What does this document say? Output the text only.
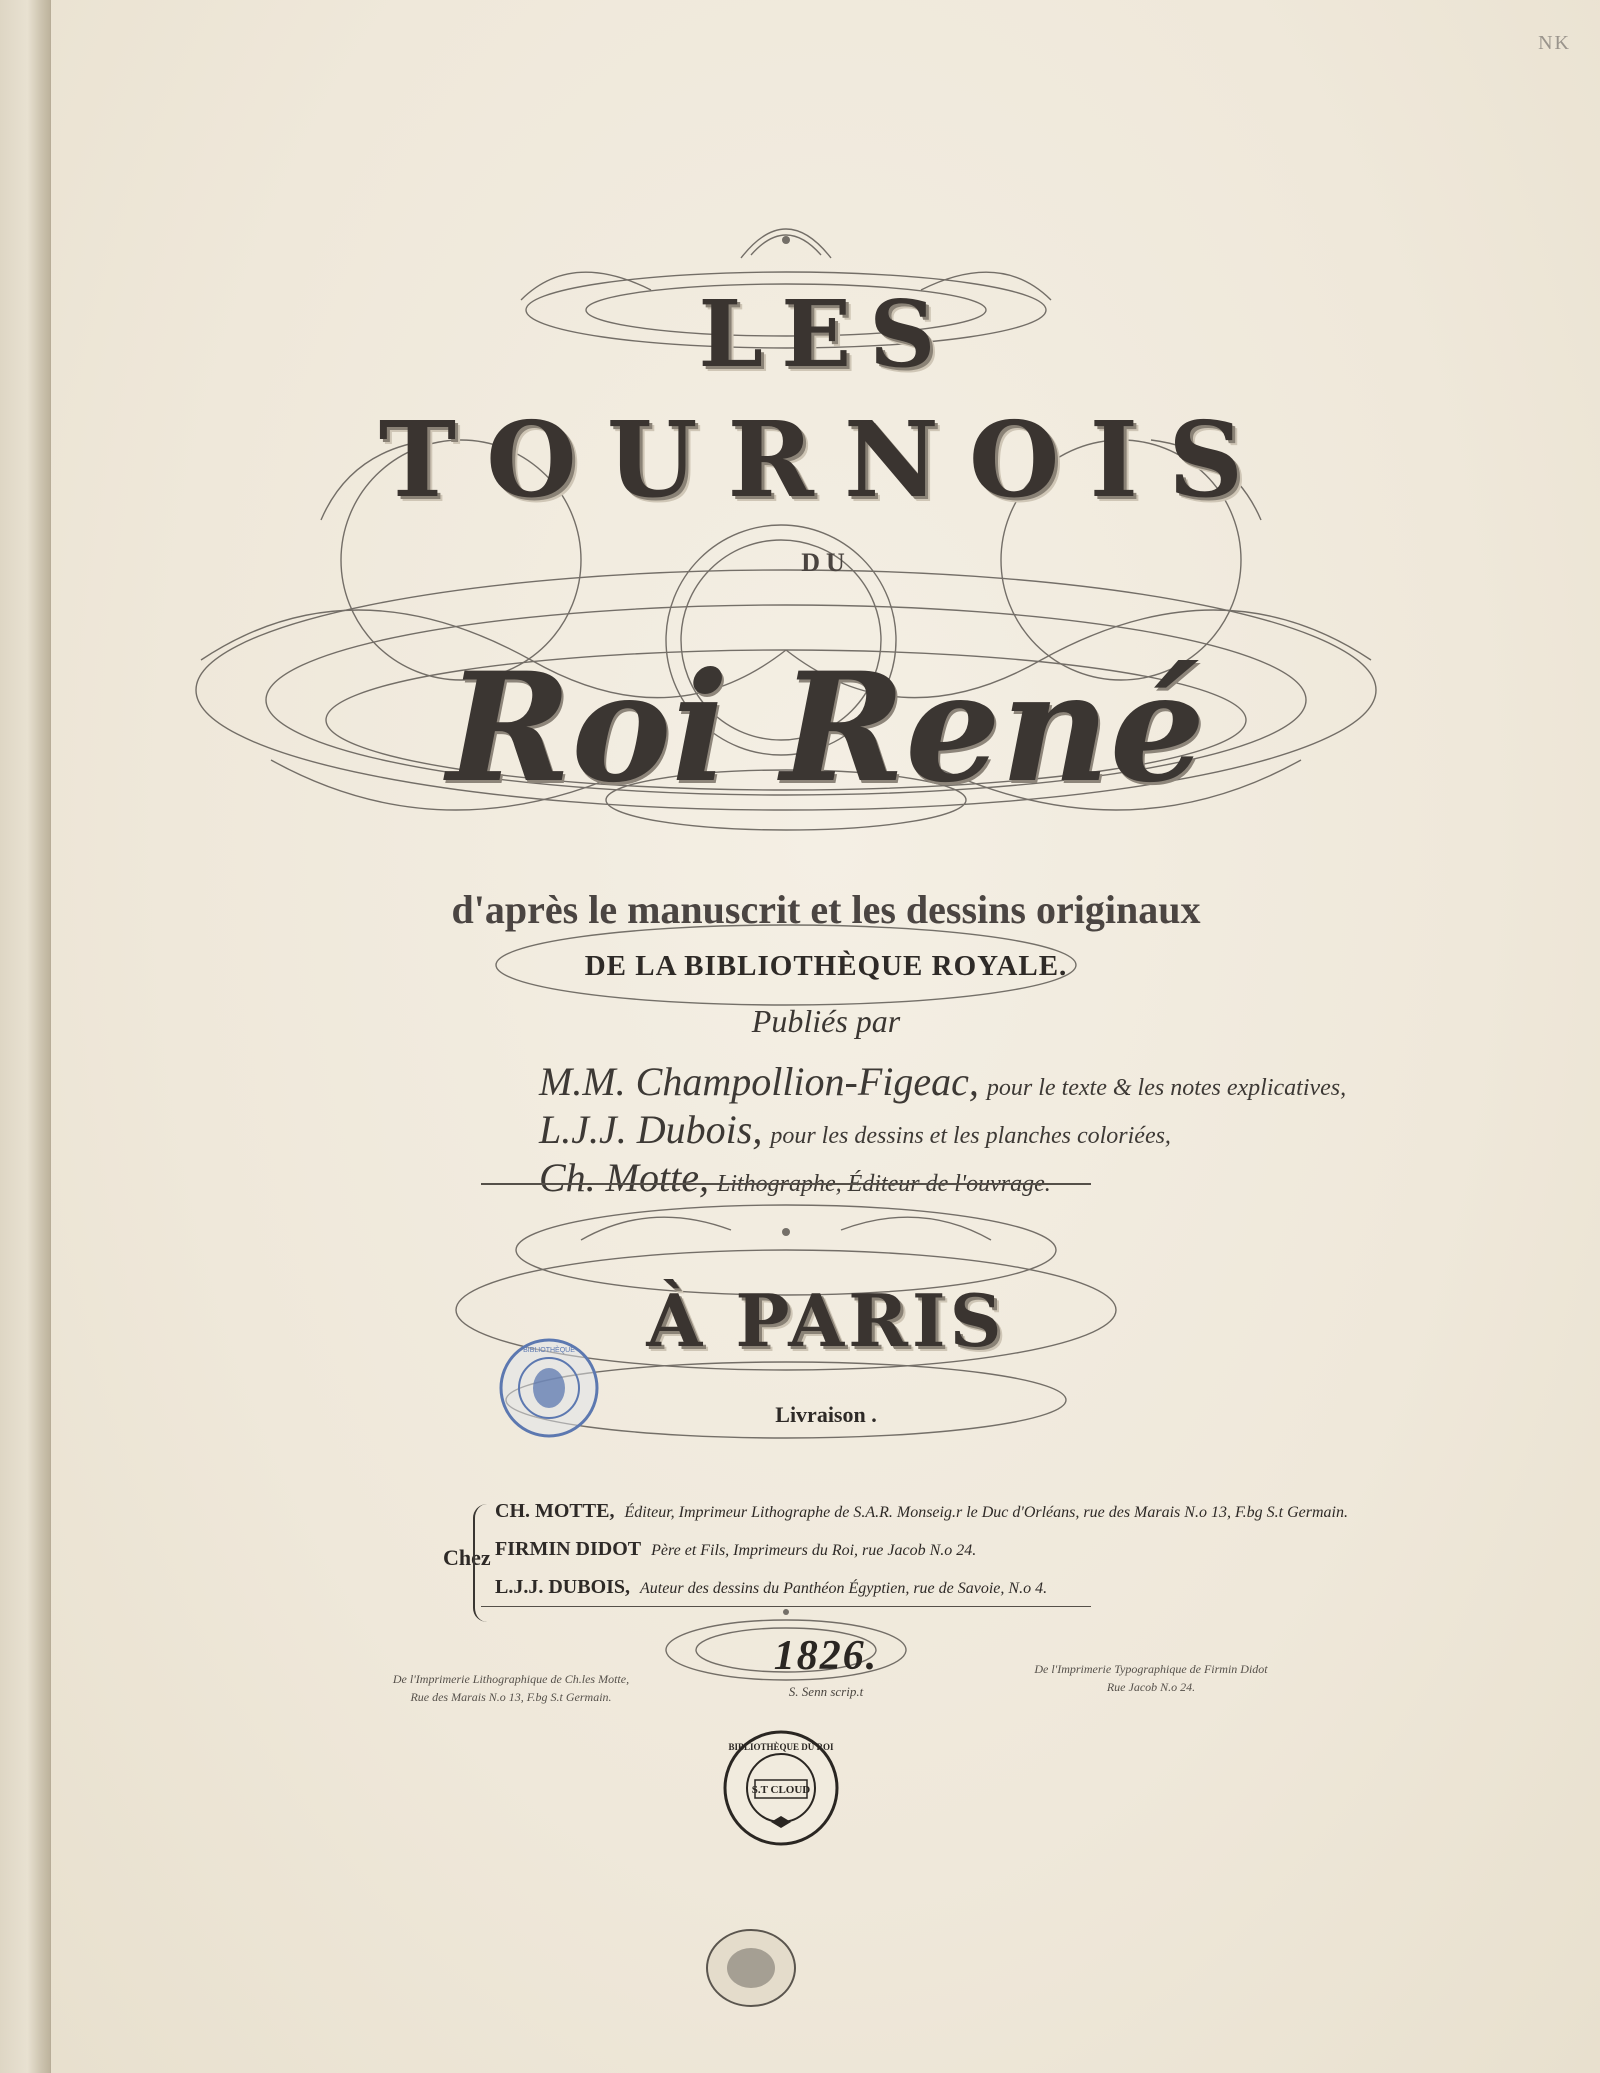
NK
LES
TOURNOIS
DU
Roi René
d'après le manuscrit et les dessins originaux
DE LA BIBLIOTHÈQUE ROYALE.
Publiés par
M.M. Champollion-Figeac, pour le texte & les notes explicatives,
L.J.J. Dubois, pour les dessins et les planches coloriées,
Ch. Motte, Lithographe, Éditeur de l'ouvrage.
À PARIS
Livraison .
Chez
CH. MOTTE, Éditeur, Imprimeur Lithographe de S.A.R. Monseig.r le Duc d'Orléans, rue des Marais N.o 13, F.bg S.t Germain.
FIRMIN DIDOT Père et Fils, Imprimeurs du Roi, rue Jacob N.o 24.
L.J.J. DUBOIS, Auteur des dessins du Panthéon Égyptien, rue de Savoie, N.o 4.
1826.
S. Senn scrip.t
De l'Imprimerie Lithographique de Ch.les Motte,
Rue des Marais N.o 13, F.bg S.t Germain.
De l'Imprimerie Typographique de Firmin Didot
Rue Jacob N.o 24.
BIBLIOTHÈQUE
S.T CLOUD
BIBLIOTHÈQUE DU ROI
